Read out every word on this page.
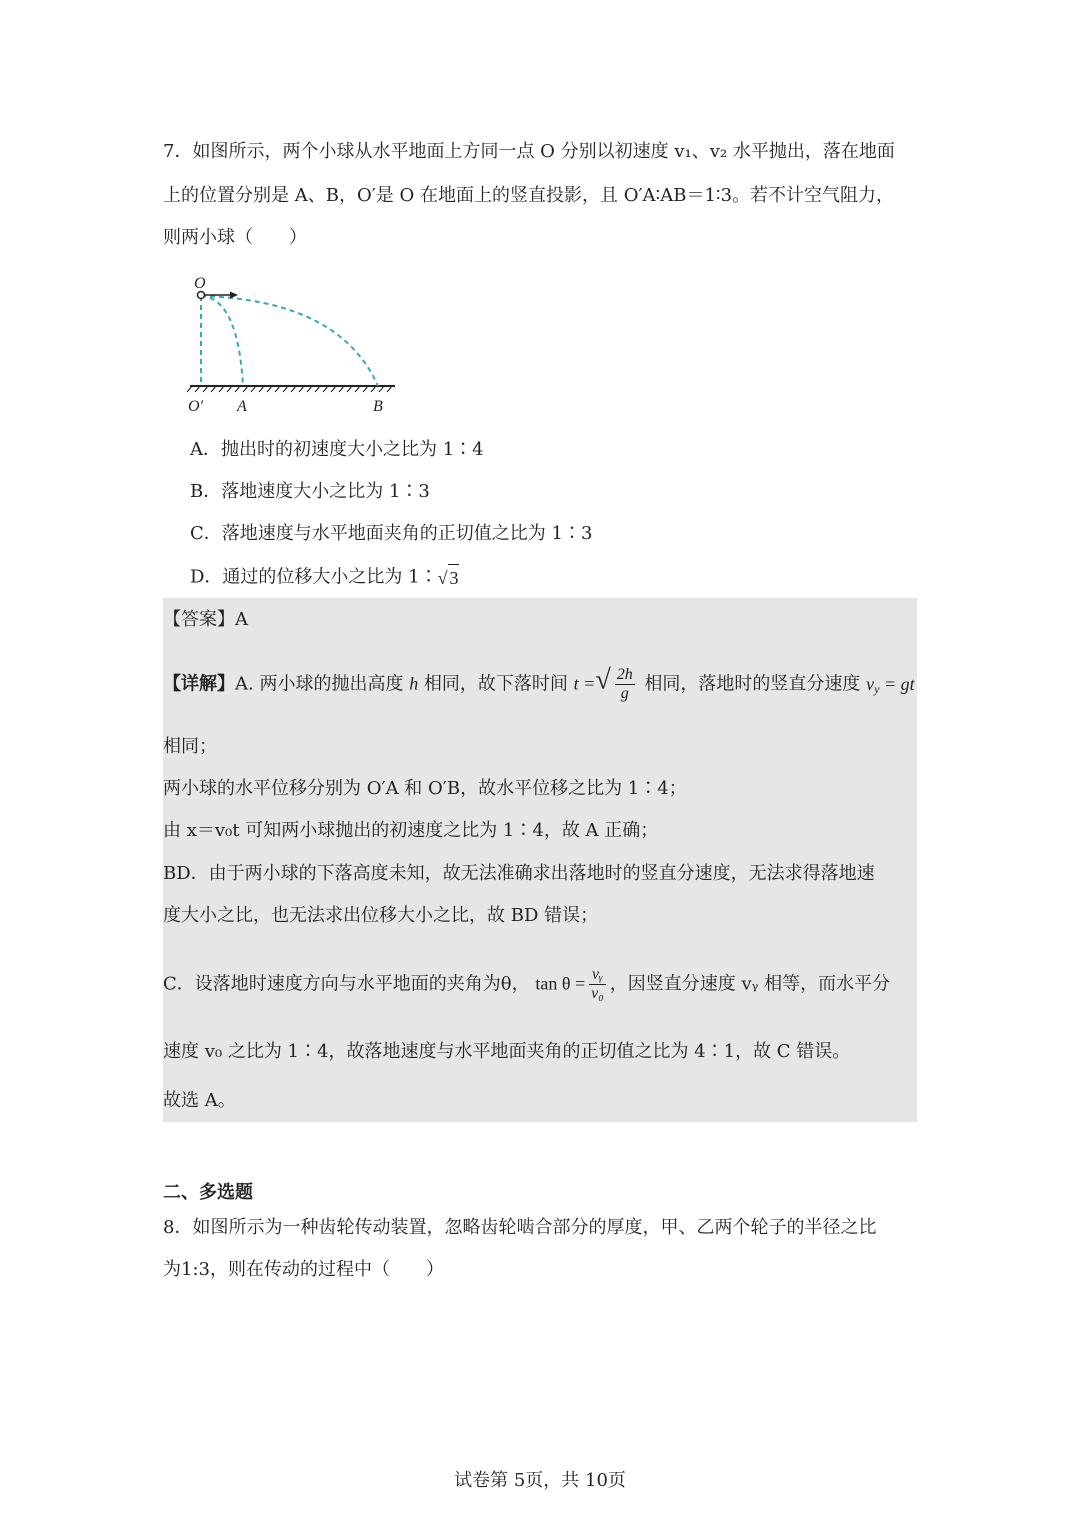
7．如图所示，两个小球从水平地面上方同一点 O 分别以初速度 v₁、v₂ 水平抛出，落在地面
上的位置分别是 A、B，O′是 O 在地面上的竖直投影，且 O′A∶AB＝1∶3。若不计空气阻力，
则两小球（　　）
O
O′ A	B
A．抛出时的初速度大小之比为 1∶4
B．落地速度大小之比为 1∶3
C．落地速度与水平地面夹角的正切值之比为 1∶3
D．通过的位移大小之比为 1∶√ 3
【答案】A
【详解】A. 两小球的抛出高度 h 相同，故下落时间 t =√ $\frac{2h}{g}$ 相同，落地时的竖直分速度 $v_y$ = gt
相同；
两小球的水平位移分别为 O′A 和 O′B，故水平位移之比为 1∶4；
由 x＝v₀t 可知两小球抛出的初速度之比为 1∶4，故 A 正确；
BD．由于两小球的下落高度未知，故无法准确求出落地时的竖直分速度，无法求得落地速
度大小之比，也无法求出位移大小之比，故 BD 错误；
C．设落地时速度方向与水平地面的夹角为θ， $\tan \theta = \frac{\text{vᵧ}}{\text{v₀}}$ ，因竖直分速度 vᵧ 相等，而水平分
速度 v₀ 之比为 1∶4，故落地速度与水平地面夹角的正切值之比为 4∶1，故 C 错误。
故选 A。
二、多选题
8．如图所示为一种齿轮传动装置，忽略齿轮啮合部分的厚度，甲、乙两个轮子的半径之比
为1:3，则在传动的过程中（　　）
试卷第 5页，共 10页
